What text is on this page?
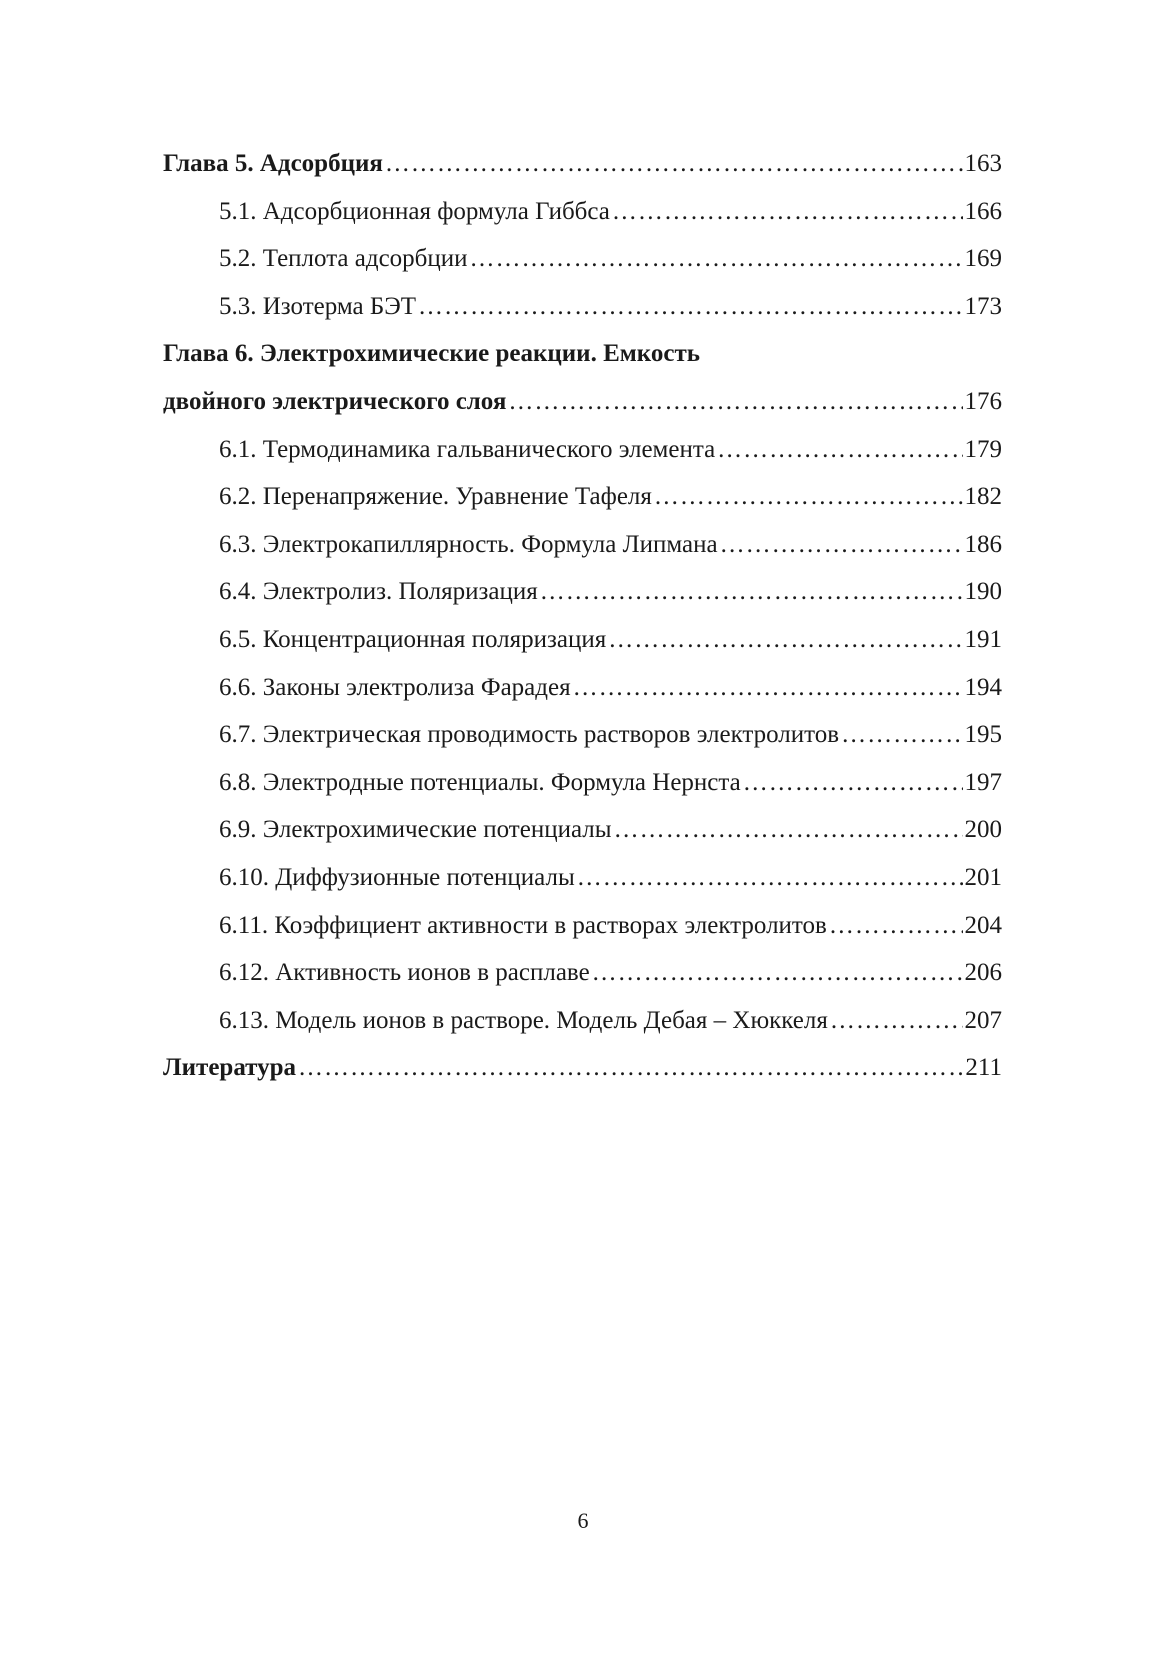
Глава 5. Адсорбция ……………………………………………………………………………………………………………………………………………………………………………………………………………………………………	163
5.1. Адсорбционная формула Гиббса ……………………………………………………………………………………………………………………………………………………………………………………………………………………………………	166
5.2. Теплота адсорбции ……………………………………………………………………………………………………………………………………………………………………………………………………………………………………	169
5.3. Изотерма БЭТ ……………………………………………………………………………………………………………………………………………………………………………………………………………………………………	173
Глава 6. Электрохимические реакции. Емкость
двойного электрического слоя ……………………………………………………………………………………………………………………………………………………………………………………………………………………………………	176
6.1. Термодинамика гальванического элемента ……………………………………………………………………………………………………………………………………………………………………………………………………………………………………	179
6.2. Перенапряжение. Уравнение Тафеля ……………………………………………………………………………………………………………………………………………………………………………………………………………………………………	182
6.3. Электрокапиллярность. Формула Липмана ……………………………………………………………………………………………………………………………………………………………………………………………………………………………………	186
6.4. Электролиз. Поляризация ……………………………………………………………………………………………………………………………………………………………………………………………………………………………………	190
6.5. Концентрационная поляризация ……………………………………………………………………………………………………………………………………………………………………………………………………………………………………	191
6.6. Законы электролиза Фарадея ……………………………………………………………………………………………………………………………………………………………………………………………………………………………………	194
6.7. Электрическая проводимость растворов электролитов ……………………………………………………………………………………………………………………………………………………………………………………………………………………………………	195
6.8. Электродные потенциалы. Формула Нернста ……………………………………………………………………………………………………………………………………………………………………………………………………………………………………	197
6.9. Электрохимические потенциалы ……………………………………………………………………………………………………………………………………………………………………………………………………………………………………	200
6.10. Диффузионные потенциалы ……………………………………………………………………………………………………………………………………………………………………………………………………………………………………	201
6.11. Коэффициент активности в растворах электролитов ……………………………………………………………………………………………………………………………………………………………………………………………………………………………………	204
6.12. Активность ионов в расплаве ……………………………………………………………………………………………………………………………………………………………………………………………………………………………………	206
6.13. Модель ионов в растворе. Модель Дебая – Хюккеля ……………………………………………………………………………………………………………………………………………………………………………………………………………………………………	207
Литература ……………………………………………………………………………………………………………………………………………………………………………………………………………………………………	211
6
